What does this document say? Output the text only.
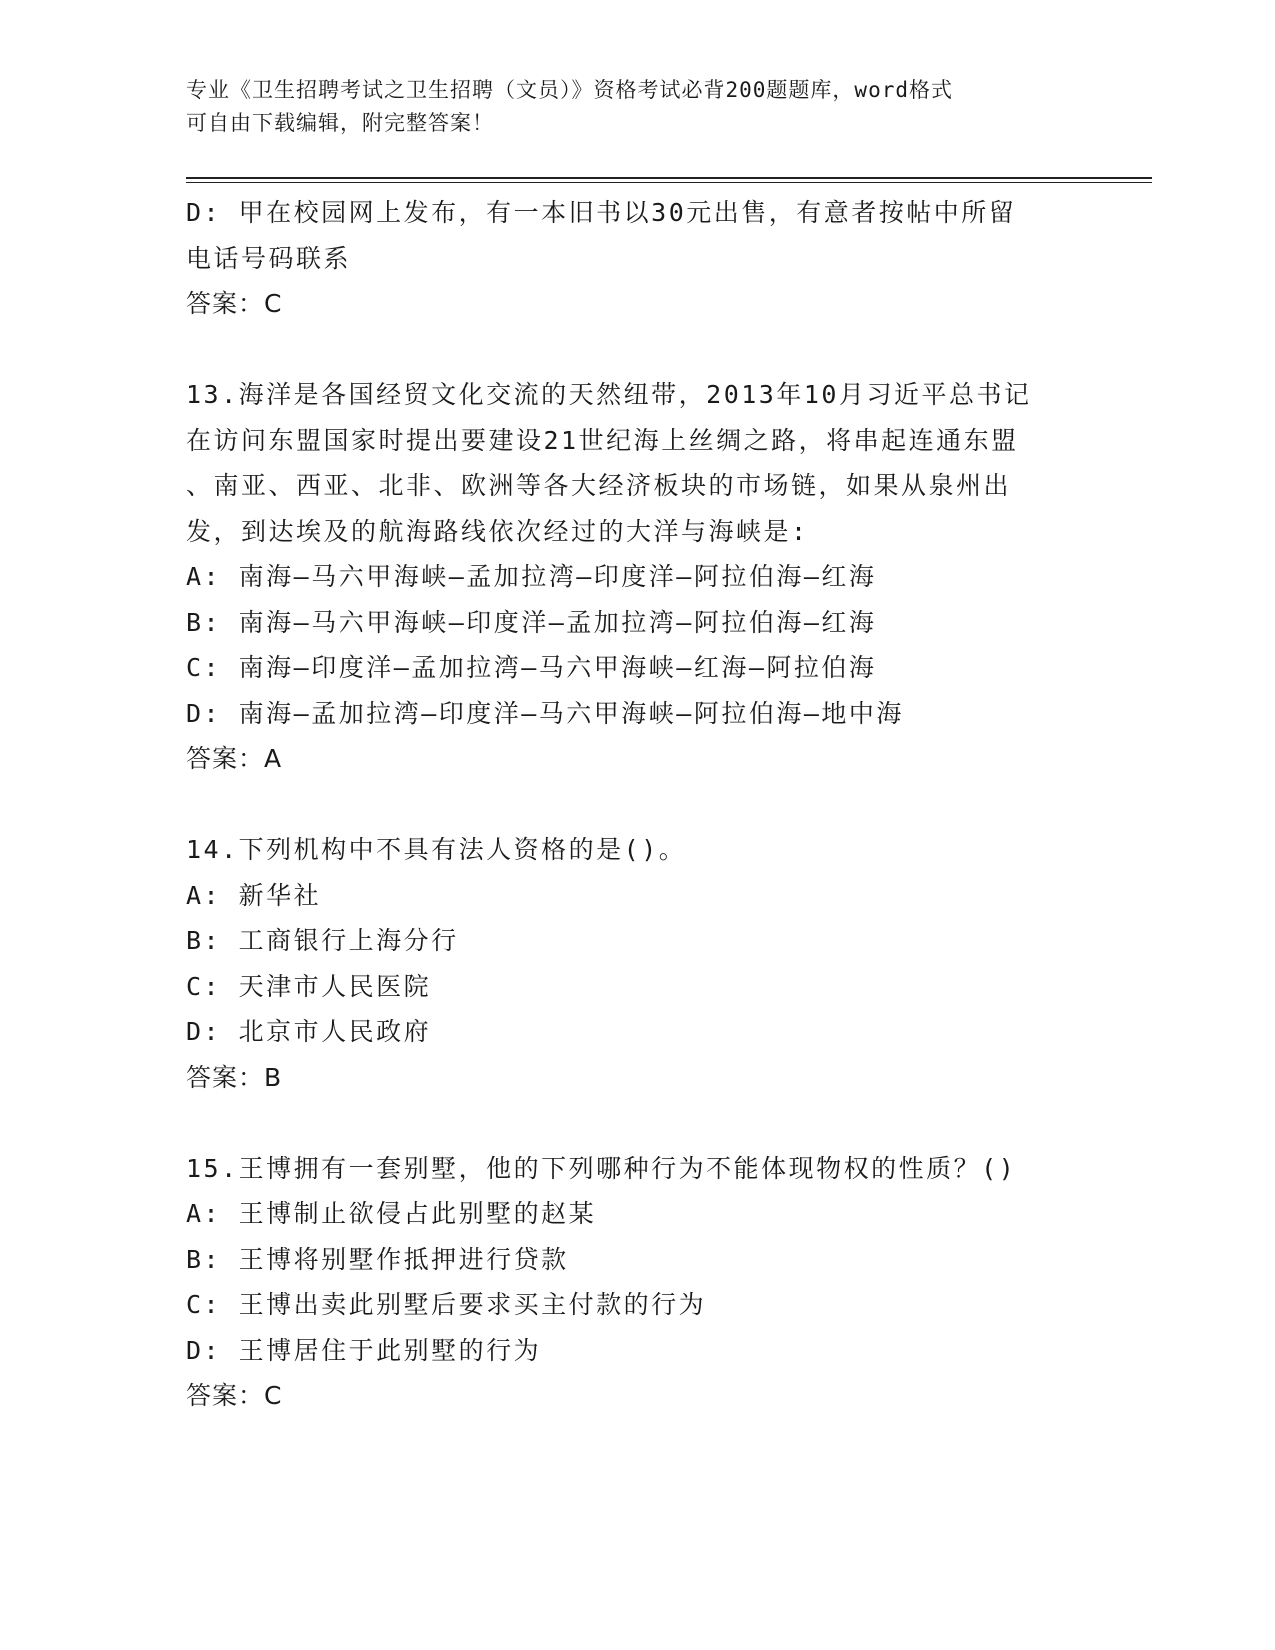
专业《卫生招聘考试之卫生招聘（文员）》资格考试必背200题题库，word格式
可自由下载编辑，附完整答案！
D: 甲在校园网上发布，有一本旧书以30元出售，有意者按帖中所留
电话号码联系
答案：C
13.海洋是各国经贸文化交流的天然纽带，2013年10月习近平总书记
在访问东盟国家时提出要建设21世纪海上丝绸之路，将串起连通东盟
、南亚、西亚、北非、欧洲等各大经济板块的市场链，如果从泉州出
发，到达埃及的航海路线依次经过的大洋与海峡是:
A: 南海—马六甲海峡—孟加拉湾—印度洋—阿拉伯海—红海
B: 南海—马六甲海峡—印度洋—孟加拉湾—阿拉伯海—红海
C: 南海—印度洋—孟加拉湾—马六甲海峡—红海—阿拉伯海
D: 南海—孟加拉湾—印度洋—马六甲海峡—阿拉伯海—地中海
答案：A
14.下列机构中不具有法人资格的是()。
A: 新华社
B: 工商银行上海分行
C: 天津市人民医院
D: 北京市人民政府
答案：B
15.王博拥有一套别墅，他的下列哪种行为不能体现物权的性质？()
A: 王博制止欲侵占此别墅的赵某
B: 王博将别墅作抵押进行贷款
C: 王博出卖此别墅后要求买主付款的行为
D: 王博居住于此别墅的行为
答案：C
